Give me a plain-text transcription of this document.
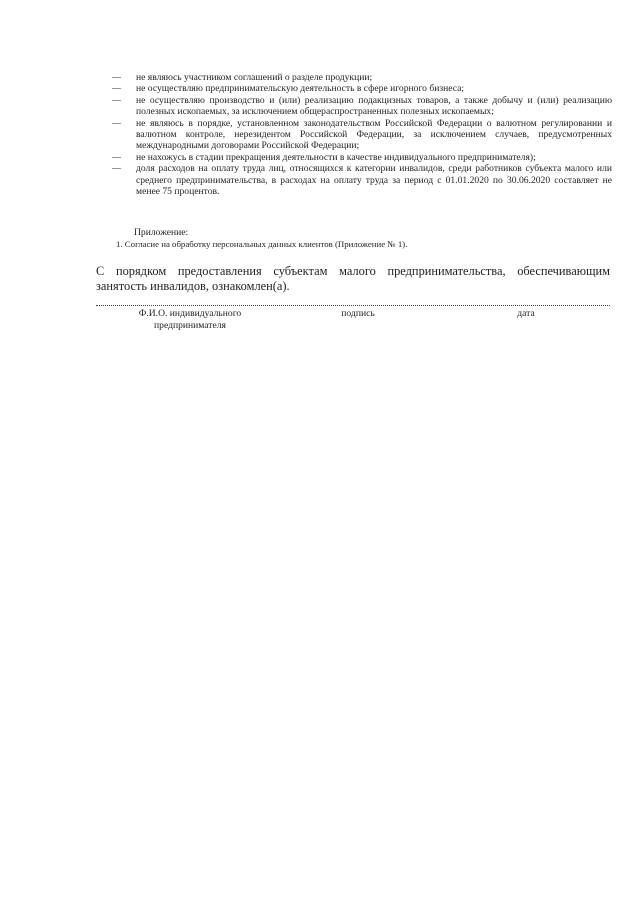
— не являюсь участником соглашений о разделе продукции;
— не осуществляю предпринимательскую деятельность в сфере игорного бизнеса;
— не осуществляю производство и (или) реализацию подакцизных товаров, а также добычу и (или) реализацию полезных ископаемых, за исключением общераспространенных полезных ископаемых;
— не являюсь в порядке, установленном законодательством Российской Федерации о валютном регулировании и валютном контроле, нерезидентом Российской Федерации, за исключением случаев, предусмотренных международными договорами Российской Федерации;
— не нахожусь в стадии прекращения деятельности в качестве индивидуального предпринимателя);
— доля расходов на оплату труда лиц, относящихся к категории инвалидов, среди работников субъекта малого или среднего предпринимательства, в расходах на оплату труда за период с 01.01.2020 по 30.06.2020 составляет не менее 75 процентов.
Приложение:
1. Согласие на обработку персональных данных клиентов (Приложение № 1).
С порядком предоставления субъектам малого предпринимательства, обеспечивающим занятость инвалидов, ознакомлен(а).
Ф.И.О. индивидуального
предпринимателя
подпись	дата
